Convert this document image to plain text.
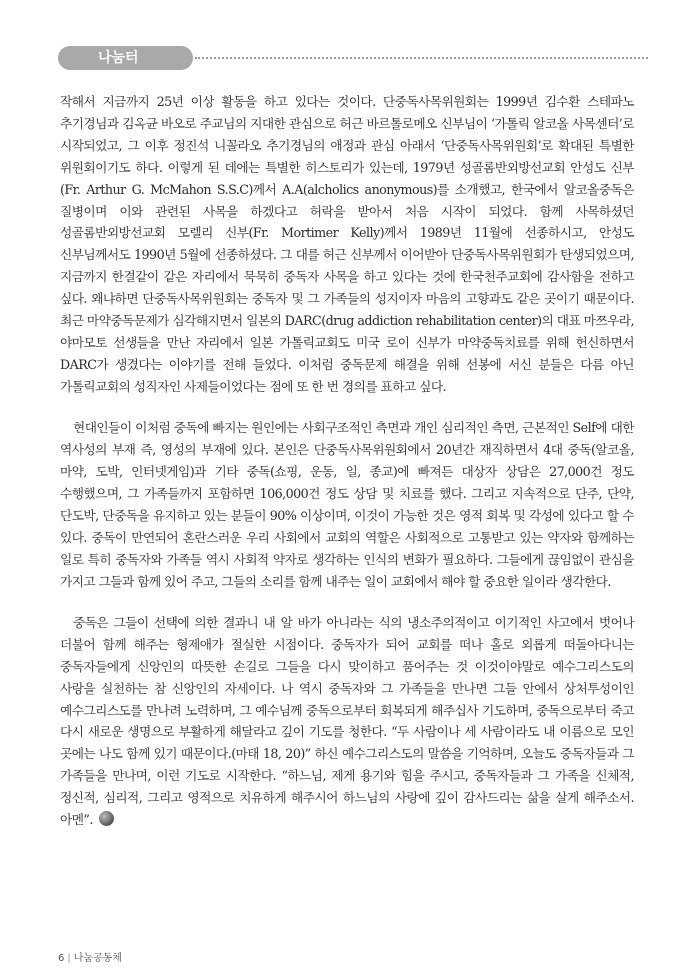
나눔터

작해서 지금까지 25년 이상 활동을 하고 있다는 것이다. 단중독사목위원회는 1999년 김수환 스테파노 추기경님과 김옥균 바오로 주교님의 지대한 관심으로 허근 바르톨로메오 신부님이 ‘가톨릭 알코올 사목센터’로 시작되었고, 그 이후 정진석 니꼴라오 추기경님의 애정과 관심 아래서 ‘단중독사목위원회’로 확대된 특별한 위원회이기도 하다. 이렇게 된 데에는 특별한 히스토리가 있는데, 1979년 성골롬반외방선교회 안성도 신부(Fr. Arthur G. McMahon S.S.C)께서 A.A(alcholics anonymous)를 소개했고, 한국에서 알코올중독은 질병이며 이와 관련된 사목을 하겠다고 허락을 받아서 처음 시작이 되었다. 함께 사목하셨던 성골롬반외방선교회 모렐리 신부(Fr. Mortimer Kelly)께서 1989년 11월에 선종하시고, 안성도 신부님께서도 1990년 5월에 선종하셨다. 그 대를 허근 신부께서 이어받아 단중독사목위원회가 탄생되었으며, 지금까지 한결같이 같은 자리에서 묵묵히 중독자 사목을 하고 있다는 것에 한국천주교회에 감사함을 전하고 싶다. 왜냐하면 단중독사목위원회는 중독자 및 그 가족들의 성지이자 마음의 고향과도 같은 곳이기 때문이다. 최근 마약중독문제가 심각해지면서 일본의 DARC(drug addiction rehabilitation center)의 대표 마쯔우라, 야마모토 선생들을 만난 자리에서 일본 가톨릭교회도 미국 로이 신부가 마약중독치료를 위해 헌신하면서 DARC가 생겼다는 이야기를 전해 들었다. 이처럼 중독문제 해결을 위해 선봉에 서신 분들은 다름 아닌 가톨릭교회의 성직자인 사제들이었다는 점에 또 한 번 경의를 표하고 싶다.

현대인들이 이처럼 중독에 빠지는 원인에는 사회구조적인 측면과 개인 심리적인 측면, 근본적인 Self에 대한 역사성의 부재 즉, 영성의 부재에 있다. 본인은 단중독사목위원회에서 20년간 재직하면서 4대 중독(알코올, 마약, 도박, 인터넷게임)과 기타 중독(쇼핑, 운동, 일, 종교)에 빠져든 대상자 상담은 27,000건 정도 수행했으며, 그 가족들까지 포함하면 106,000건 정도 상담 및 치료를 했다. 그리고 지속적으로 단주, 단약, 단도박, 단중독을 유지하고 있는 분들이 90% 이상이며, 이것이 가능한 것은 영적 회복 및 각성에 있다고 할 수 있다. 중독이 만연되어 혼란스러운 우리 사회에서 교회의 역할은 사회적으로 고통받고 있는 약자와 함께하는 일로 특히 중독자와 가족들 역시 사회적 약자로 생각하는 인식의 변화가 필요하다. 그들에게 끊임없이 관심을 가지고 그들과 함께 있어 주고, 그들의 소리를 함께 내주는 일이 교회에서 해야 할 중요한 일이라 생각한다.

중독은 그들이 선택에 의한 결과니 내 알 바가 아니라는 식의 냉소주의적이고 이기적인 사고에서 벗어나 더불어 함께 해주는 형제애가 절실한 시점이다. 중독자가 되어 교회를 떠나 홀로 외롭게 떠돌아다니는 중독자들에게 신앙인의 따뜻한 손길로 그들을 다시 맞이하고 품어주는 것 이것이야말로 예수그리스도의 사랑을 실천하는 참 신앙인의 자세이다. 나 역시 중독자와 그 가족들을 만나면 그들 안에서 상처투성이인 예수그리스도를 만나려 노력하며, 그 예수님께 중독으로부터 회복되게 해주십사 기도하며, 중독으로부터 죽고 다시 새로운 생명으로 부활하게 해달라고 깊이 기도를 청한다. “두 사람이나 세 사람이라도 내 이름으로 모인 곳에는 나도 함께 있기 때문이다.(마태 18, 20)” 하신 예수그리스도의 말씀을 기억하며, 오늘도 중독자들과 그 가족들을 만나며, 이런 기도로 시작한다. “하느님, 제게 용기와 힘을 주시고, 중독자들과 그 가족을 신체적, 정신적, 심리적, 그리고 영적으로 치유하게 해주시어 하느님의 사랑에 깊이 감사드리는 삶을 살게 해주소서. 아멘”.

6 | 나눔공동체
